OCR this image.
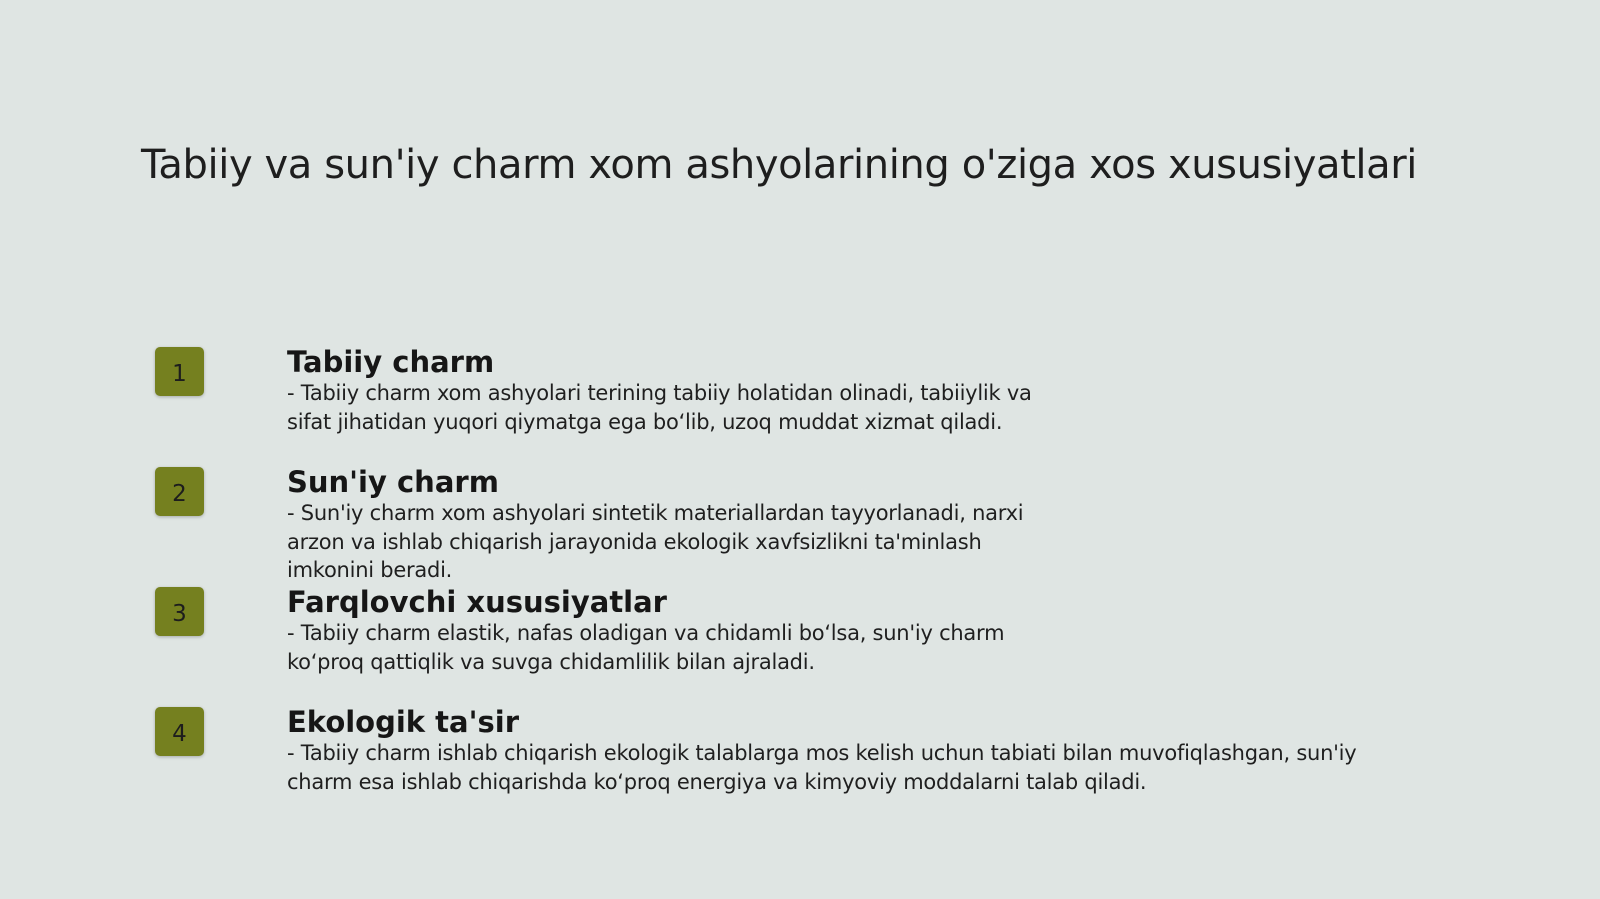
Tabiiy va sun'iy charm xom ashyolarining o'ziga xos xususiyatlari
1	Tabiiy charm

- Tabiiy charm xom ashyolari terining tabiiy holatidan olinadi, tabiiylik va
sifat jihatidan yuqori qiymatga ega bo‘lib, uzoq muddat xizmat qiladi.

2	Sun'iy charm

- Sun'iy charm xom ashyolari sintetik materiallardan tayyorlanadi, narxi
arzon va ishlab chiqarish jarayonida ekologik xavfsizlikni ta'minlash
imkonini beradi.

3	Farqlovchi xususiyatlar

- Tabiiy charm elastik, nafas oladigan va chidamli bo‘lsa, sun'iy charm
ko‘proq qattiqlik va suvga chidamlilik bilan ajraladi.

4	Ekologik ta'sir

- Tabiiy charm ishlab chiqarish ekologik talablarga mos kelish uchun tabiati bilan muvofiqlashgan, sun'iy
charm esa ishlab chiqarishda ko‘proq energiya va kimyoviy moddalarni talab qiladi.
